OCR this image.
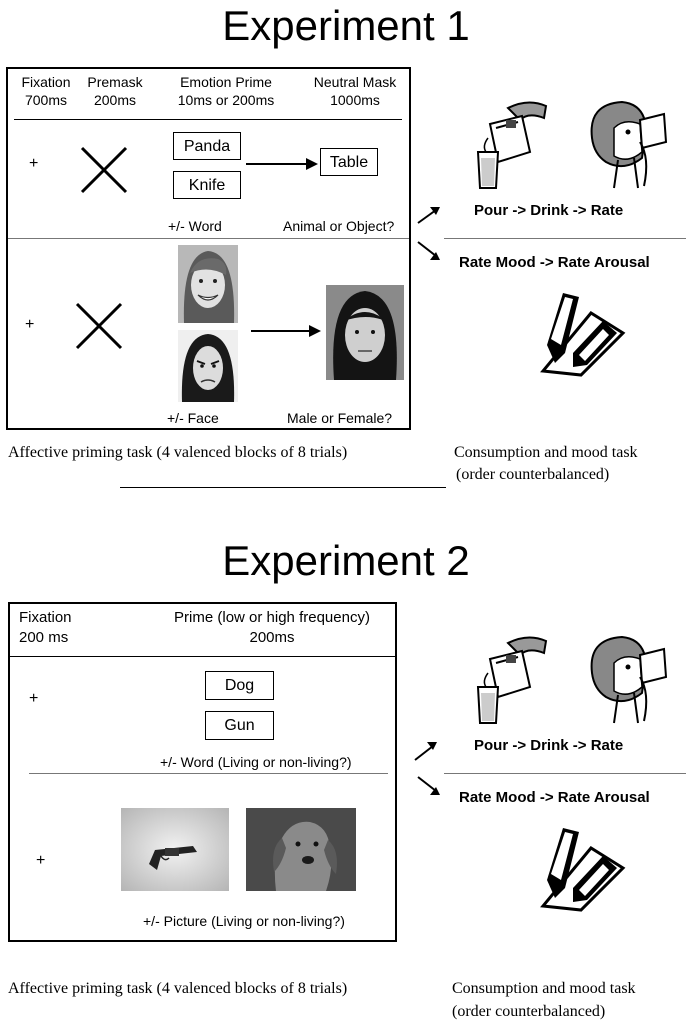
Experiment 1
Fixation
700ms
Premask
200ms
Emotion Prime
10ms or 200ms
Neutral Mask
1000ms
+
Panda
Knife
Table
+/- Word	Animal or Object?
+
+/- Face	Male or Female?
Affective priming task (4 valenced blocks of 8 trials)
Pour -> Drink -> Rate
Rate Mood -> Rate Arousal
Consumption and mood task
(order counterbalanced)
Experiment 2
Fixation
200 ms
Prime (low or high frequency)
200ms
+
Dog
Gun
+/- Word (Living or non-living?)
+
+/- Picture (Living or non-living?)
Affective priming task (4 valenced blocks of 8 trials)
Pour -> Drink -> Rate
Rate Mood -> Rate Arousal
Consumption and mood task
(order counterbalanced)
